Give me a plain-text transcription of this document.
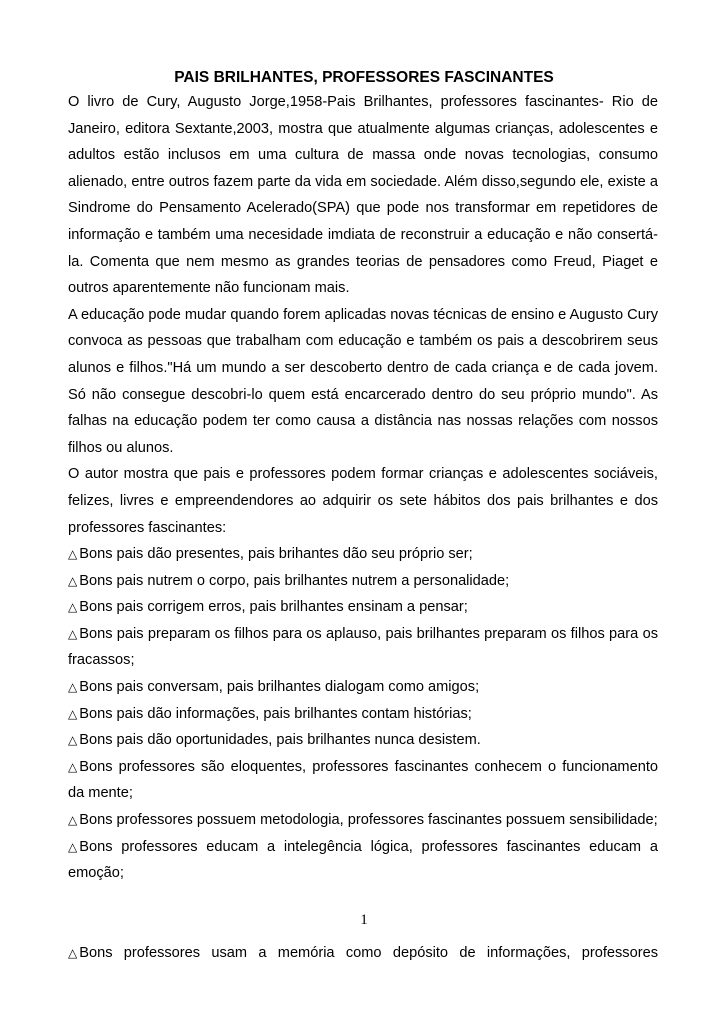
PAIS BRILHANTES, PROFESSORES FASCINANTES

O livro de Cury, Augusto Jorge,1958-Pais Brilhantes, professores fascinantes- Rio de Janeiro, editora Sextante,2003, mostra que atualmente algumas crianças, adolescentes e adultos estão inclusos em uma cultura de massa onde novas tecnologias, consumo alienado, entre outros fazem parte da vida em sociedade. Além disso,segundo ele, existe a Sindrome do Pensamento Acelerado(SPA) que pode nos transformar em repetidores de informação e também uma necesidade imdiata de reconstruir a educação e não consertá-la. Comenta que nem mesmo as grandes teorias de pensadores como Freud, Piaget e outros aparentemente não funcionam mais.

A educação pode mudar quando forem aplicadas novas técnicas de ensino e Augusto Cury convoca as pessoas que trabalham com educação e também os pais a descobrirem seus alunos e filhos."Há um mundo a ser descoberto dentro de cada criança e de cada jovem. Só não consegue descobri-lo quem está encarcerado dentro do seu próprio mundo". As falhas na educação podem ter como causa a distância nas nossas relações com nossos filhos ou alunos.

O autor mostra que pais e professores podem formar crianças e adolescentes sociáveis, felizes, livres e empreendendores ao adquirir os sete hábitos dos pais brilhantes e dos professores fascinantes:

△ Bons pais dão presentes, pais brihantes dão seu próprio ser;
△ Bons pais nutrem o corpo, pais brilhantes nutrem a personalidade;
△ Bons pais corrigem erros, pais brilhantes ensinam a pensar;
△ Bons pais preparam os filhos para os aplauso, pais brilhantes preparam os filhos para os fracassos;
△ Bons pais conversam, pais brilhantes dialogam como amigos;
△ Bons pais dão informações, pais brilhantes contam histórias;
△ Bons pais dão oportunidades, pais brilhantes nunca desistem.
△ Bons professores são eloquentes, professores fascinantes conhecem o funcionamento da mente;
△ Bons professores possuem metodologia, professores fascinantes possuem sensibilidade;
△ Bons professores educam a intelegência lógica, professores fascinantes educam a emoção;
1
△ Bons professores usam a memória como depósito de informações, professores
